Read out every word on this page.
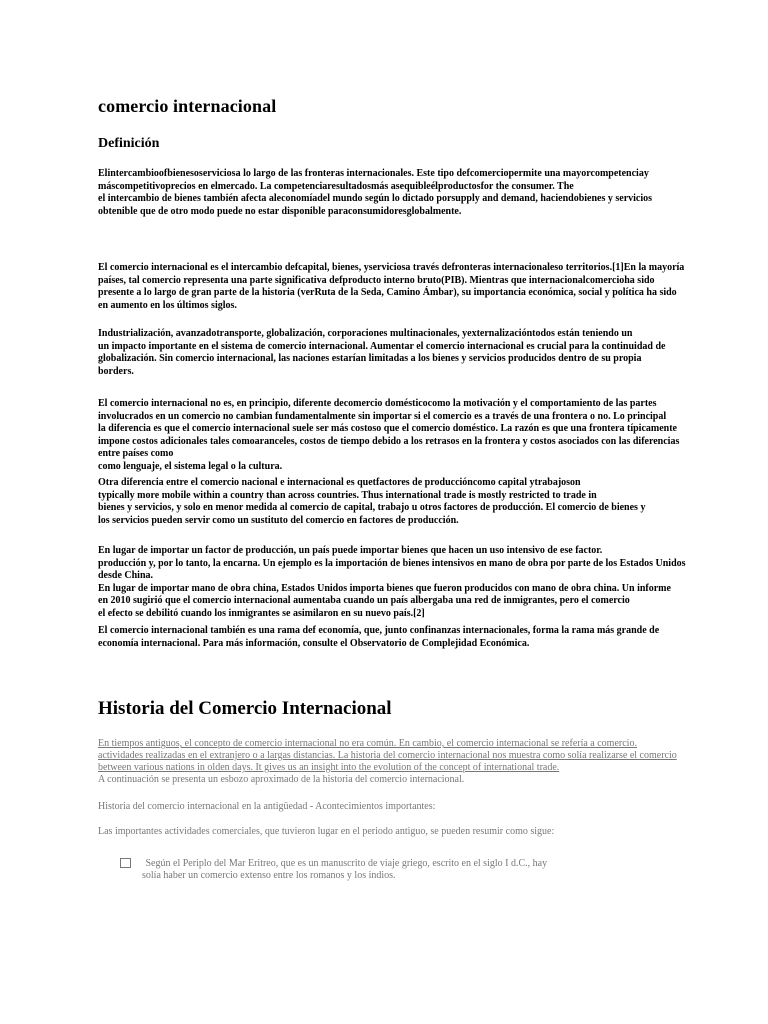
comercio internacional
Definición
Elintercambioofbienesoserviciosa lo largo de las fronteras internacionales. Este tipo defcomerciopermite una mayorcompetenciay
máscompetitivoprecios en elmercado. La competenciaresultadosmás asequibleélproductosfor the consumer. The
el intercambio de bienes también afecta aleconomíadel mundo según lo dictado porsupply and demand, haciendobienes y servicios
obtenible que de otro modo puede no estar disponible paraconsumidoresglobalmente.
El comercio internacional es el intercambio defcapital, bienes, yserviciosa través defronteras internacionaleso territorios.[1]En la mayoría
países, tal comercio representa una parte significativa defproducto interno bruto(PIB). Mientras que internacionalcomercioha sido
presente a lo largo de gran parte de la historia (verRuta de la Seda, Camino Ámbar), su importancia económica, social y política ha sido
en aumento en los últimos siglos.
Industrialización, avanzadotransporte, globalización, corporaciones multinacionales, yexternalizacióntodos están teniendo un
un impacto importante en el sistema de comercio internacional. Aumentar el comercio internacional es crucial para la continuidad de
globalización. Sin comercio internacional, las naciones estarían limitadas a los bienes y servicios producidos dentro de su propia
borders.
El comercio internacional no es, en principio, diferente decomercio domésticocomo la motivación y el comportamiento de las partes
involucrados en un comercio no cambian fundamentalmente sin importar si el comercio es a través de una frontera o no. Lo principal
la diferencia es que el comercio internacional suele ser más costoso que el comercio doméstico. La razón es que una frontera típicamente
impone costos adicionales tales comoaranceles, costos de tiempo debido a los retrasos en la frontera y costos asociados con las diferencias entre países como
como lenguaje, el sistema legal o la cultura.
Otra diferencia entre el comercio nacional e internacional es quetfactores de produccióncomo capital ytrabajoson
typically more mobile within a country than across countries. Thus international trade is mostly restricted to trade in
bienes y servicios, y solo en menor medida al comercio de capital, trabajo u otros factores de producción. El comercio de bienes y
los servicios pueden servir como un sustituto del comercio en factores de producción.
En lugar de importar un factor de producción, un país puede importar bienes que hacen un uso intensivo de ese factor.
producción y, por lo tanto, la encarna. Un ejemplo es la importación de bienes intensivos en mano de obra por parte de los Estados Unidos desde China.
En lugar de importar mano de obra china, Estados Unidos importa bienes que fueron producidos con mano de obra china. Un informe
en 2010 sugirió que el comercio internacional aumentaba cuando un país albergaba una red de inmigrantes, pero el comercio
el efecto se debilitó cuando los inmigrantes se asimilaron en su nuevo país.[2]
El comercio internacional también es una rama def economía, que, junto confinanzas internacionales, forma la rama más grande de
economía internacional. Para más información, consulte el Observatorio de Complejidad Económica.
Historia del Comercio Internacional
En tiempos antiguos, el concepto de comercio internacional no era común. En cambio, el comercio internacional se refería a comercio.
actividades realizadas en el extranjero o a largas distancias. La historia del comercio internacional nos muestra como solía realizarse el comercio
between various nations in olden days. It gives us an insight into the evolution of the concept of international trade.
A continuación se presenta un esbozo aproximado de la historia del comercio internacional.
Historia del comercio internacional en la antigüedad - Acontecimientos importantes:
Las importantes actividades comerciales, que tuvieron lugar en el periodo antiguo, se pueden resumir como sigue:
Según el Periplo del Mar Eritreo, que es un manuscrito de viaje griego, escrito en el siglo I d.C., hay
solía haber un comercio extenso entre los romanos y los indios.
